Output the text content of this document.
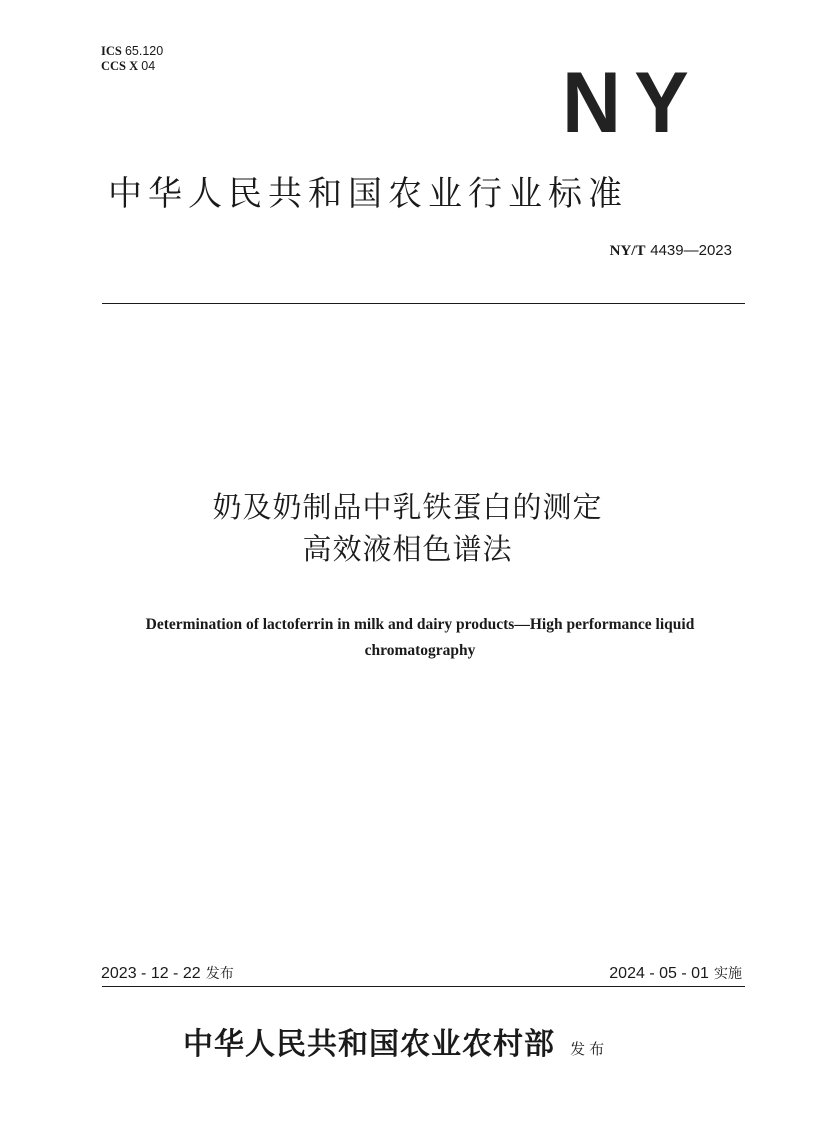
ICS 65.120
CCS X 04	NY
中华人民共和国农业行业标准
NY/T 4439—2023
奶及奶制品中乳铁蛋白的测定
高效液相色谱法
Determination of lactoferrin in milk and dairy products—High performance liquid chromatography
2023 - 12 - 22 发布	2024 - 05 - 01 实施
中华人民共和国农业农村部 发布
